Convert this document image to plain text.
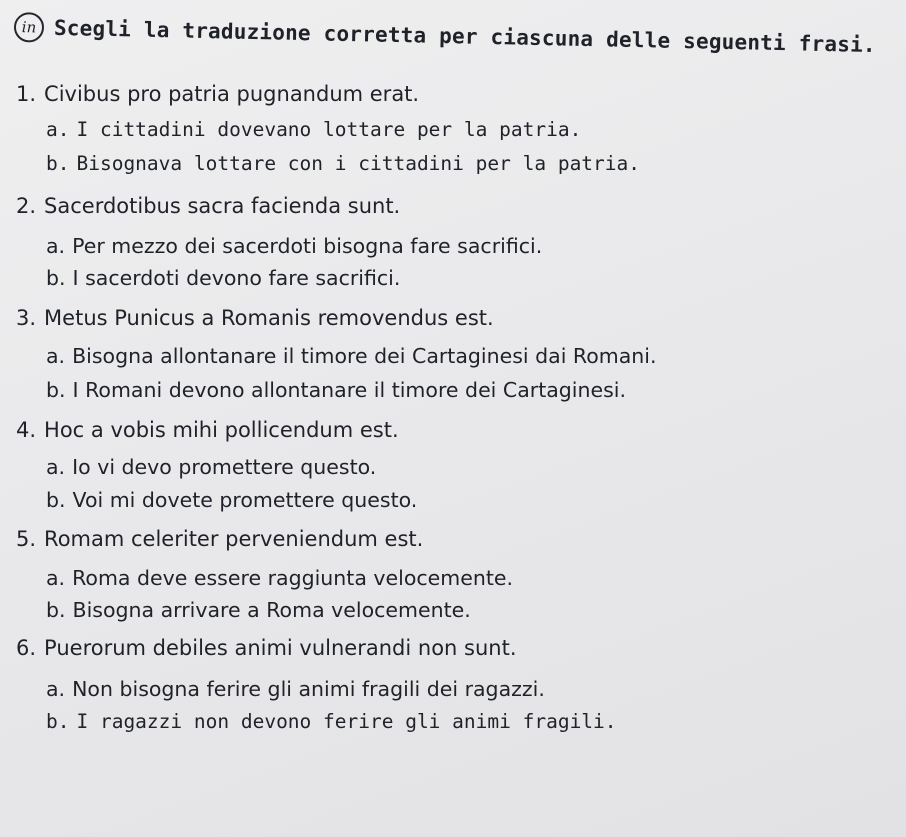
in Scegli la traduzione corretta per ciascuna delle seguenti frasi.
1. Civibus pro patria pugnandum erat.
a. I cittadini dovevano lottare per la patria.
b. Bisognava lottare con i cittadini per la patria.
2. Sacerdotibus sacra facienda sunt.
a. Per mezzo dei sacerdoti bisogna fare sacrifici.
b. I sacerdoti devono fare sacrifici.
3. Metus Punicus a Romanis removendus est.
a. Bisogna allontanare il timore dei Cartaginesi dai Romani.
b. I Romani devono allontanare il timore dei Cartaginesi.
4. Hoc a vobis mihi pollicendum est.
a. Io vi devo promettere questo.
b. Voi mi dovete promettere questo.
5. Romam celeriter perveniendum est.
a. Roma deve essere raggiunta velocemente.
b. Bisogna arrivare a Roma velocemente.
6. Puerorum debiles animi vulnerandi non sunt.
a. Non bisogna ferire gli animi fragili dei ragazzi.
b. I ragazzi non devono ferire gli animi fragili.
